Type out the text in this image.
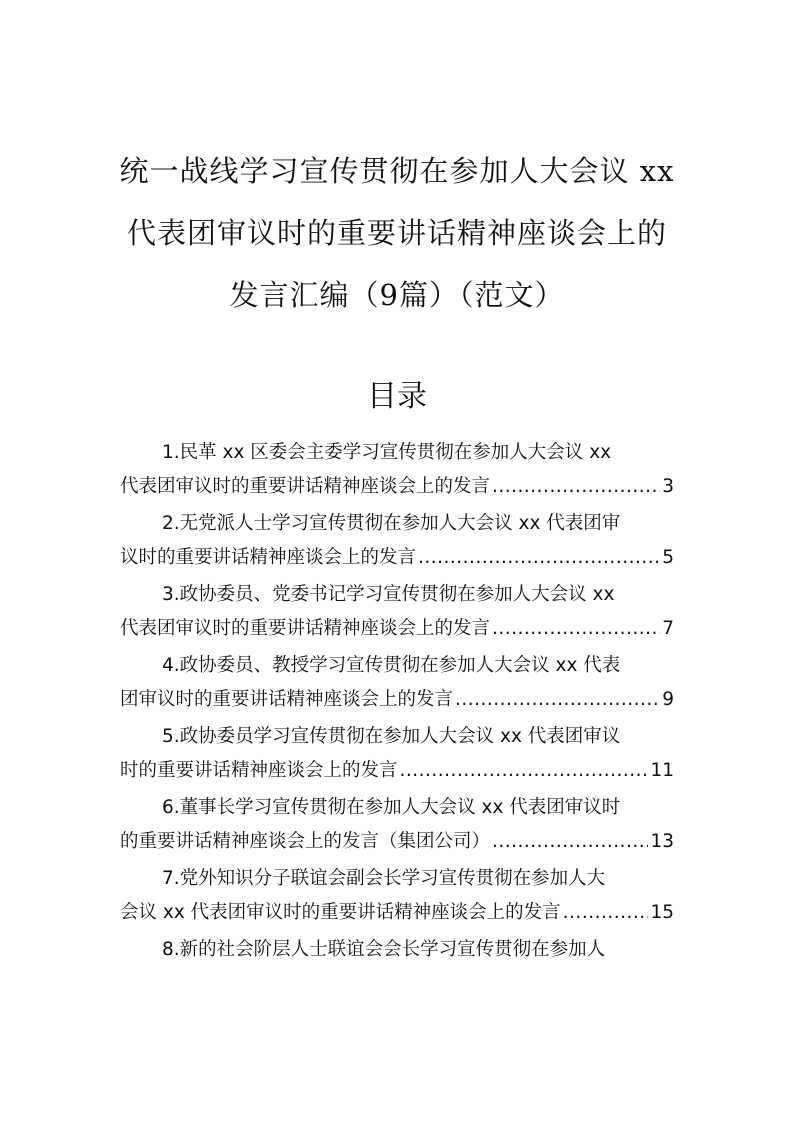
统一战线学习宣传贯彻在参加人大会议 xx
代表团审议时的重要讲话精神座谈会上的
发言汇编（9篇）（范文）
目录
1.民革 xx 区委会主委学习宣传贯彻在参加人大会议 xx
代表团审议时的重要讲话精神座谈会上的发言 .....	3
2.无党派人士学习宣传贯彻在参加人大会议 xx 代表团审
议时的重要讲话精神座谈会上的发言 .....	5
3.政协委员、党委书记学习宣传贯彻在参加人大会议 xx
代表团审议时的重要讲话精神座谈会上的发言 .....	7
4.政协委员、教授学习宣传贯彻在参加人大会议 xx 代表
团审议时的重要讲话精神座谈会上的发言 .....	9
5.政协委员学习宣传贯彻在参加人大会议 xx 代表团审议
时的重要讲话精神座谈会上的发言 .....	11
6.董事长学习宣传贯彻在参加人大会议 xx 代表团审议时
的重要讲话精神座谈会上的发言（集团公司） .....	13
7.党外知识分子联谊会副会长学习宣传贯彻在参加人大
会议 xx 代表团审议时的重要讲话精神座谈会上的发言 .....	15
8.新的社会阶层人士联谊会会长学习宣传贯彻在参加人
